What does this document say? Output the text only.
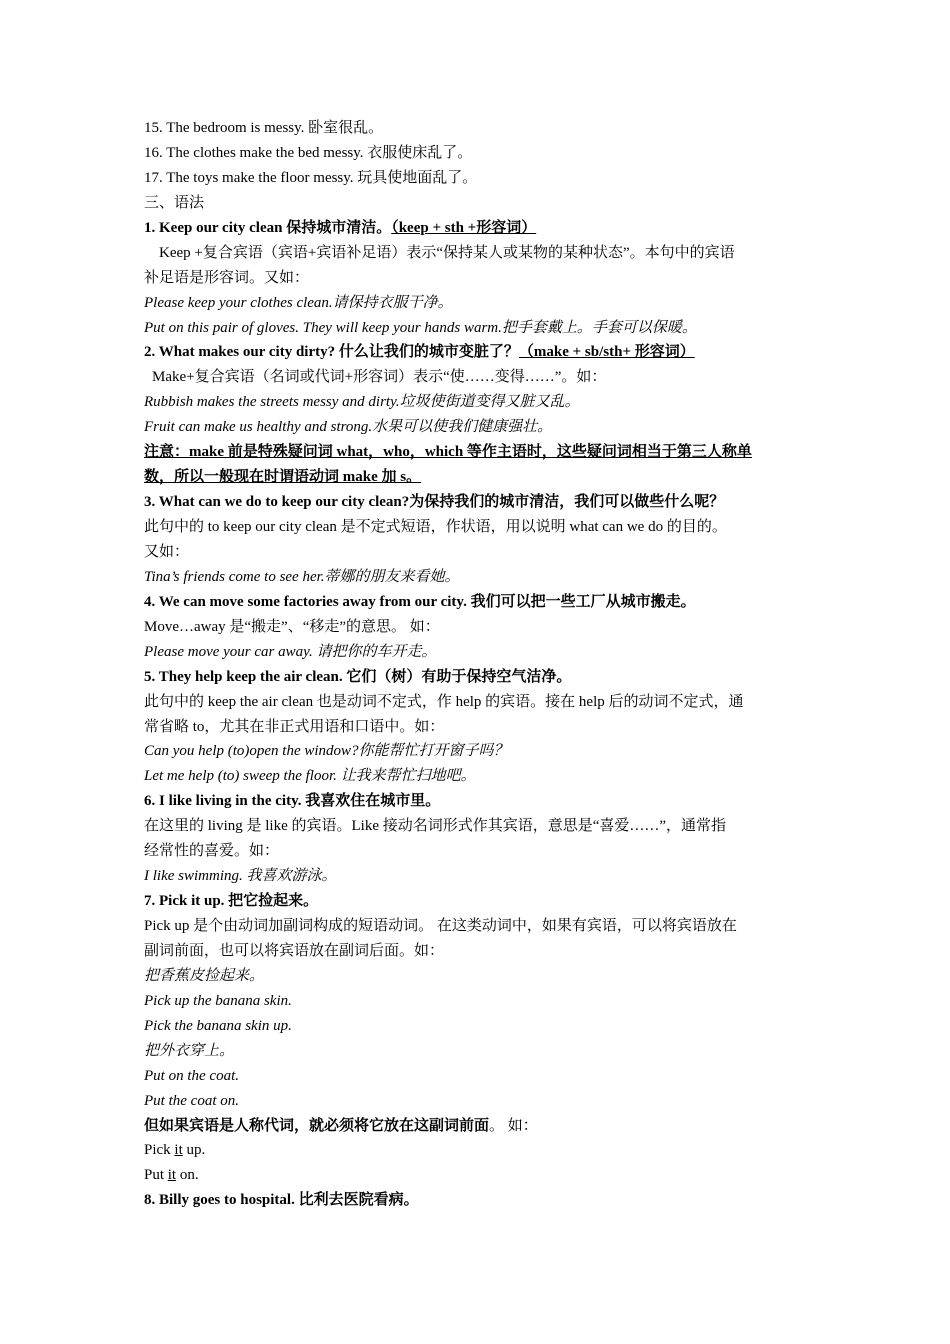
15. The bedroom is messy. 卧室很乱。
16. The clothes make the bed messy. 衣服使床乱了。
17. The toys make the floor messy. 玩具使地面乱了。
三、语法
1. Keep our city clean 保持城市清洁。（keep + sth +形容词）
Keep +复合宾语（宾语+宾语补足语）表示“保持某人或某物的某种状态”。本句中的宾语
补足语是形容词。又如：
Please keep your clothes clean.请保持衣服干净。
Put on this pair of gloves. They will keep your hands warm.把手套戴上。手套可以保暖。
2. What makes our city dirty? 什么让我们的城市变脏了？（make + sb/sth+ 形容词）
Make+复合宾语（名词或代词+形容词）表示“使……变得……”。如：
Rubbish makes the streets messy and dirty.垃圾使街道变得又脏又乱。
Fruit can make us healthy and strong.水果可以使我们健康强壮。
注意：make 前是特殊疑问词 what，who，which 等作主语时，这些疑问词相当于第三人称单
数，所以一般现在时谓语动词 make 加 s。
3. What can we do to keep our city clean?为保持我们的城市清洁，我们可以做些什么呢？
此句中的 to keep our city clean 是不定式短语，作状语，用以说明 what can we do 的目的。
又如：
Tina’s friends come to see her.蒂娜的朋友来看她。
4. We can move some factories away from our city. 我们可以把一些工厂从城市搬走。
Move…away 是“搬走”、“移走”的意思。 如：
Please move your car away. 请把你的车开走。
5. They help keep the air clean. 它们（树）有助于保持空气洁净。
此句中的 keep the air clean 也是动词不定式，作 help 的宾语。接在 help 后的动词不定式，通
常省略 to，尤其在非正式用语和口语中。如：
Can you help (to)open the window?你能帮忙打开窗子吗？
Let me help (to) sweep the floor. 让我来帮忙扫地吧。
6. I like living in the city. 我喜欢住在城市里。
在这里的 living 是 like 的宾语。Like 接动名词形式作其宾语，意思是“喜爱……”，通常指
经常性的喜爱。如：
I like swimming. 我喜欢游泳。
7. Pick it up. 把它捡起来。
Pick up 是个由动词加副词构成的短语动词。 在这类动词中，如果有宾语，可以将宾语放在
副词前面，也可以将宾语放在副词后面。如：
把香蕉皮捡起来。
Pick up the banana skin.
Pick the banana skin up.
把外衣穿上。
Put on the coat.
Put the coat on.
但如果宾语是人称代词，就必须将它放在这副词前面。 如：
Pick it up.
Put it on.
8. Billy goes to hospital. 比利去医院看病。
